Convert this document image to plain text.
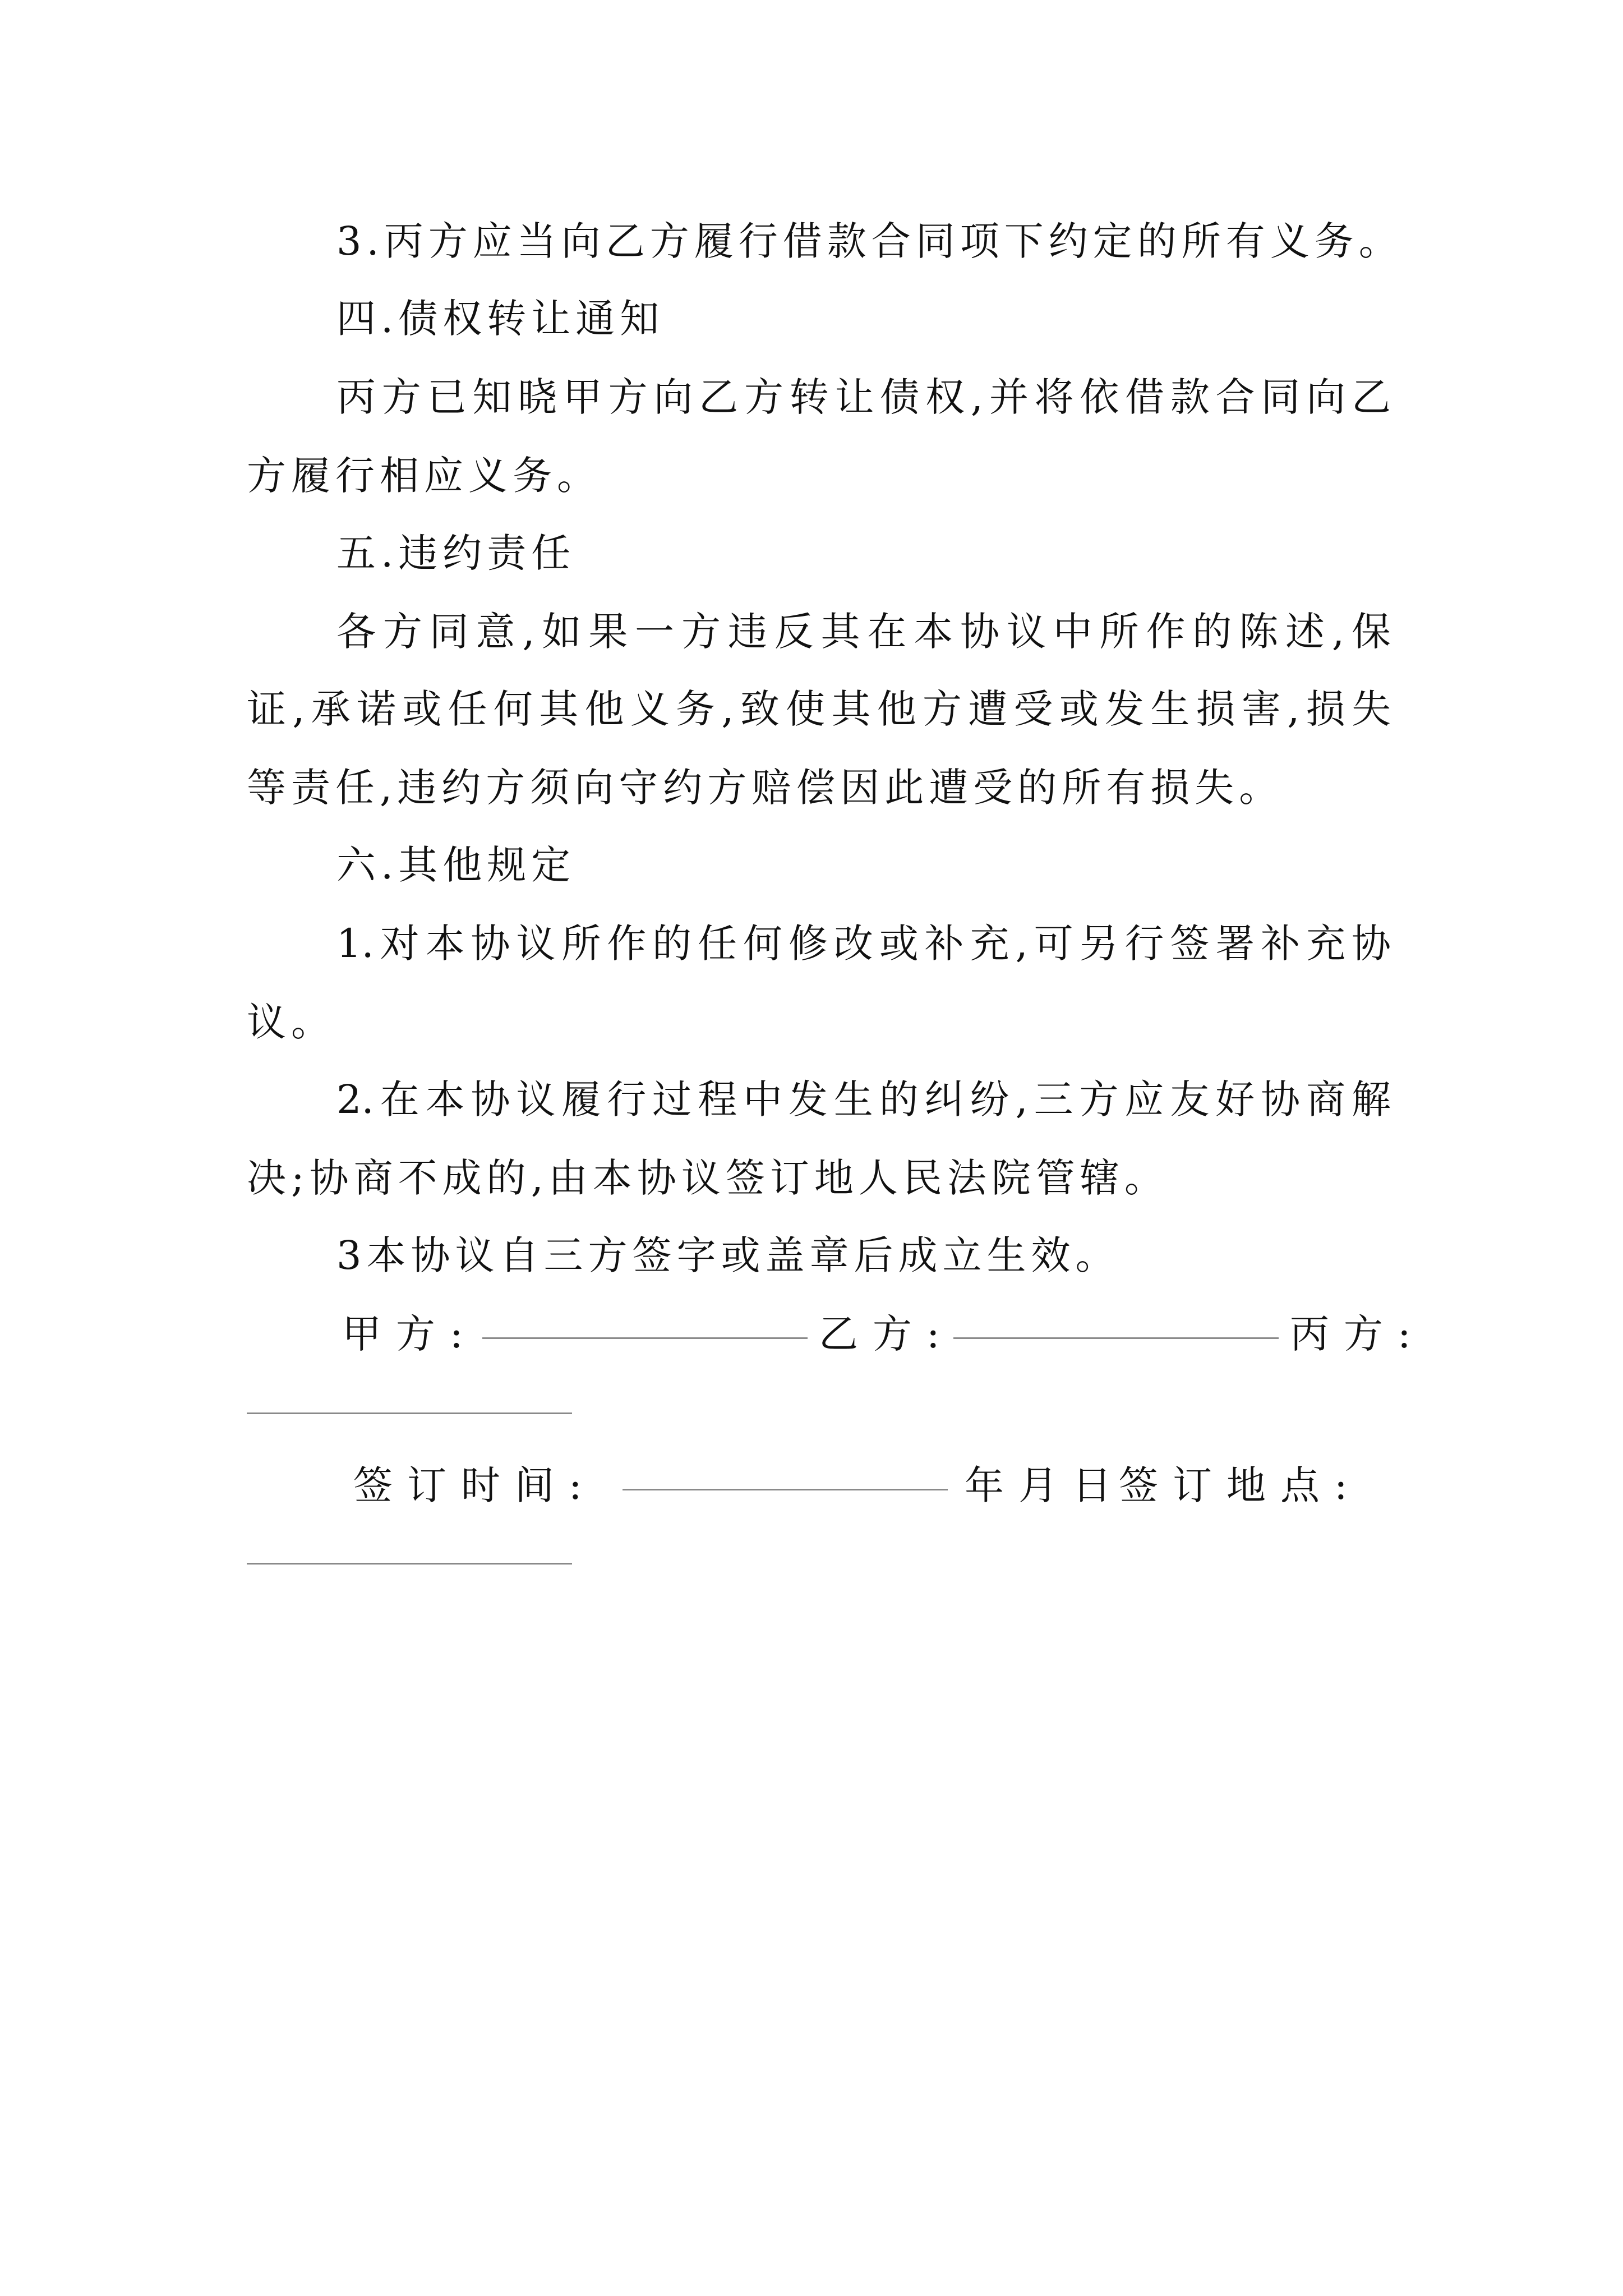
3.丙方应当向乙方履行借款合同项下约定的所有义务。
四.债权转让通知
丙方已知晓甲方向乙方转让债权,并将依借款合同向乙
方履行相应义务。
五.违约责任
各方同意,如果一方违反其在本协议中所作的陈述,保
证,承诺或任何其他义务,致使其他方遭受或发生损害,损失
等责任,违约方须向守约方赔偿因此遭受的所有损失。
六.其他规定
1.对本协议所作的任何修改或补充,可另行签署补充协
议。
2.在本协议履行过程中发生的纠纷,三方应友好协商解
决;协商不成的,由本协议签订地人民法院管辖。
3本协议自三方签字或盖章后成立生效。
甲方:	乙方:	丙方:
签订时间:	年月日
签订地点:
